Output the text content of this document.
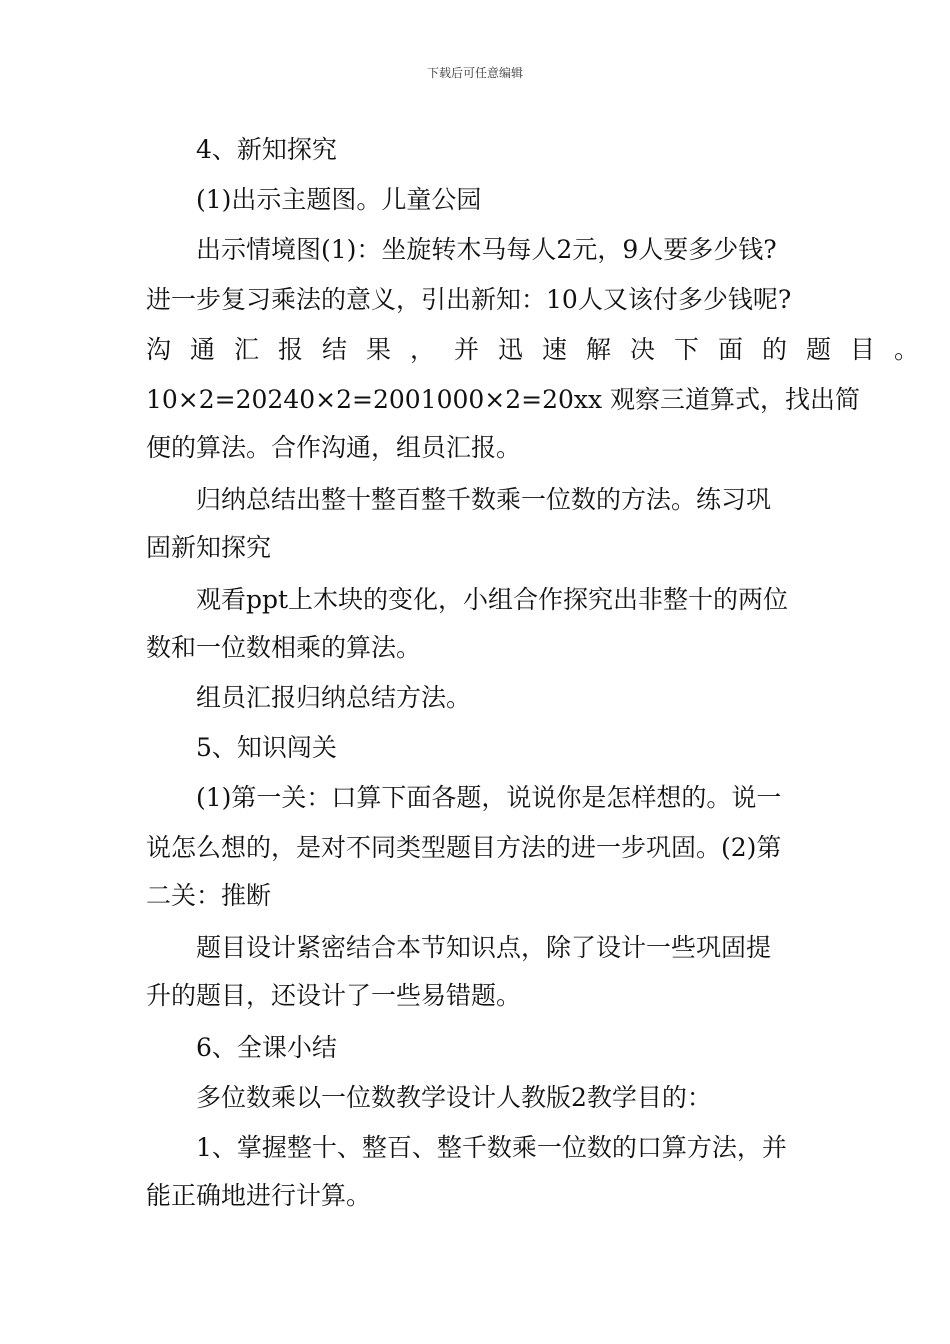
下载后可任意编辑
4、新知探究
(1)出示主题图。儿童公园
出示情境图(1)：坐旋转木马每人2元，9人要多少钱?
进一步复习乘法的意义，引出新知：10人又该付多少钱呢?
沟通汇报结果，并迅速解决下面的题目。
10×2=20240×2=2001000×2=20xx 观察三道算式，找出简
便的算法。合作沟通，组员汇报。
归纳总结出整十整百整千数乘一位数的方法。练习巩
固新知探究
观看ppt上木块的变化，小组合作探究出非整十的两位
数和一位数相乘的算法。
组员汇报归纳总结方法。
5、知识闯关
(1)第一关：口算下面各题，说说你是怎样想的。说一
说怎么想的，是对不同类型题目方法的进一步巩固。(2)第
二关：推断
题目设计紧密结合本节知识点，除了设计一些巩固提
升的题目，还设计了一些易错题。
6、全课小结
多位数乘以一位数教学设计人教版2教学目的：
1、掌握整十、整百、整千数乘一位数的口算方法，并
能正确地进行计算。
